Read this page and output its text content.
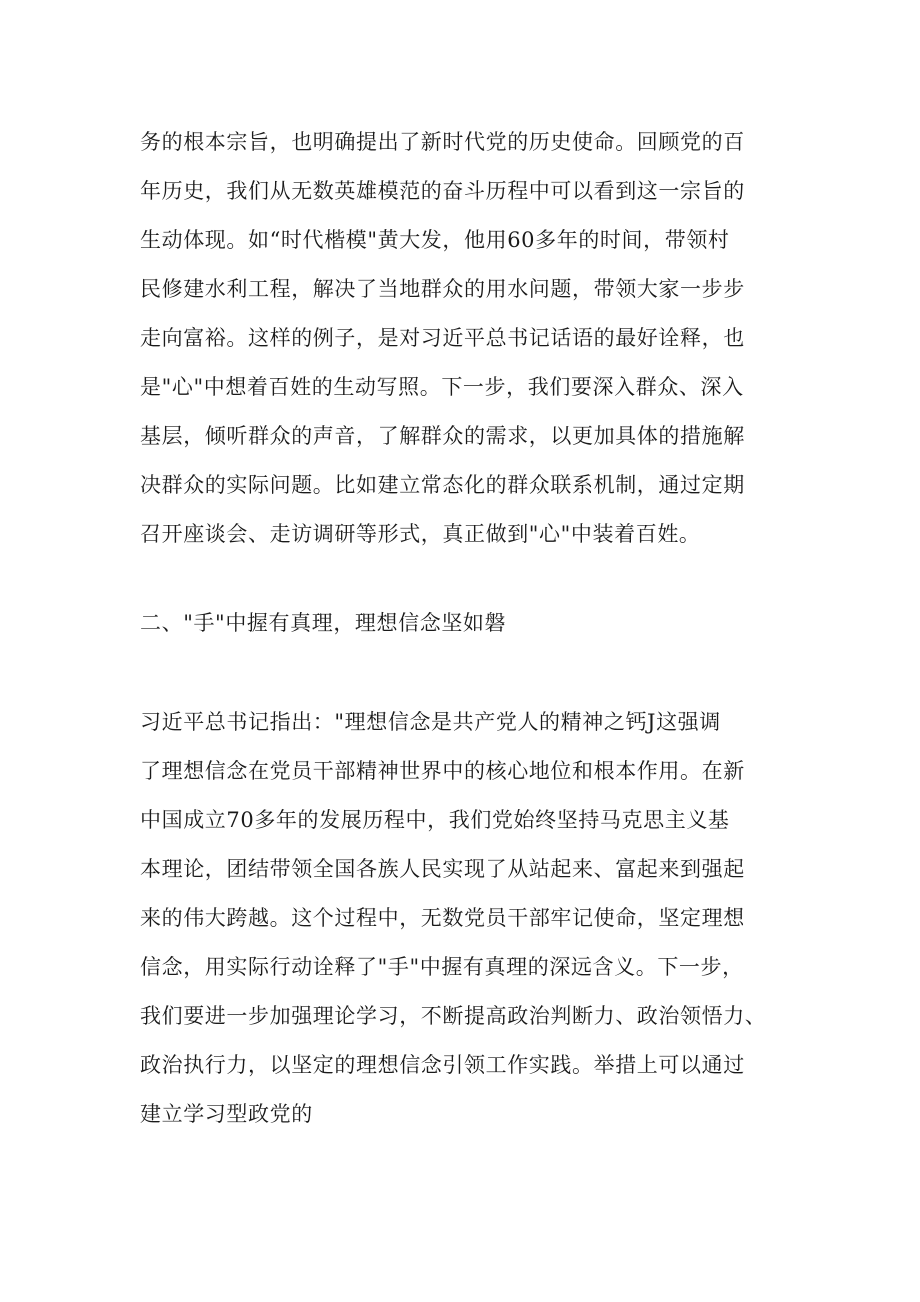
务的根本宗旨，也明确提出了新时代党的历史使命。回顾党的百
年历史，我们从无数英雄模范的奋斗历程中可以看到这一宗旨的
生动体现。如“时代楷模"黄大发，他用60多年的时间，带领村
民修建水利工程，解决了当地群众的用水问题，带领大家一步步
走向富裕。这样的例子，是对习近平总书记话语的最好诠释，也
是"心"中想着百姓的生动写照。下一步，我们要深入群众、深入
基层，倾听群众的声音，了解群众的需求，以更加具体的措施解
决群众的实际问题。比如建立常态化的群众联系机制，通过定期
召开座谈会、走访调研等形式，真正做到"心"中装着百姓。
二、"手"中握有真理，理想信念坚如磐
习近平总书记指出："理想信念是共产党人的精神之钙J这强调
了理想信念在党员干部精神世界中的核心地位和根本作用。在新
中国成立70多年的发展历程中，我们党始终坚持马克思主义基
本理论，团结带领全国各族人民实现了从站起来、富起来到强起
来的伟大跨越。这个过程中，无数党员干部牢记使命，坚定理想
信念，用实际行动诠释了"手"中握有真理的深远含义。下一步，
我们要进一步加强理论学习，不断提高政治判断力、政治领悟力、
政治执行力，以坚定的理想信念引领工作实践。举措上可以通过
建立学习型政党的
